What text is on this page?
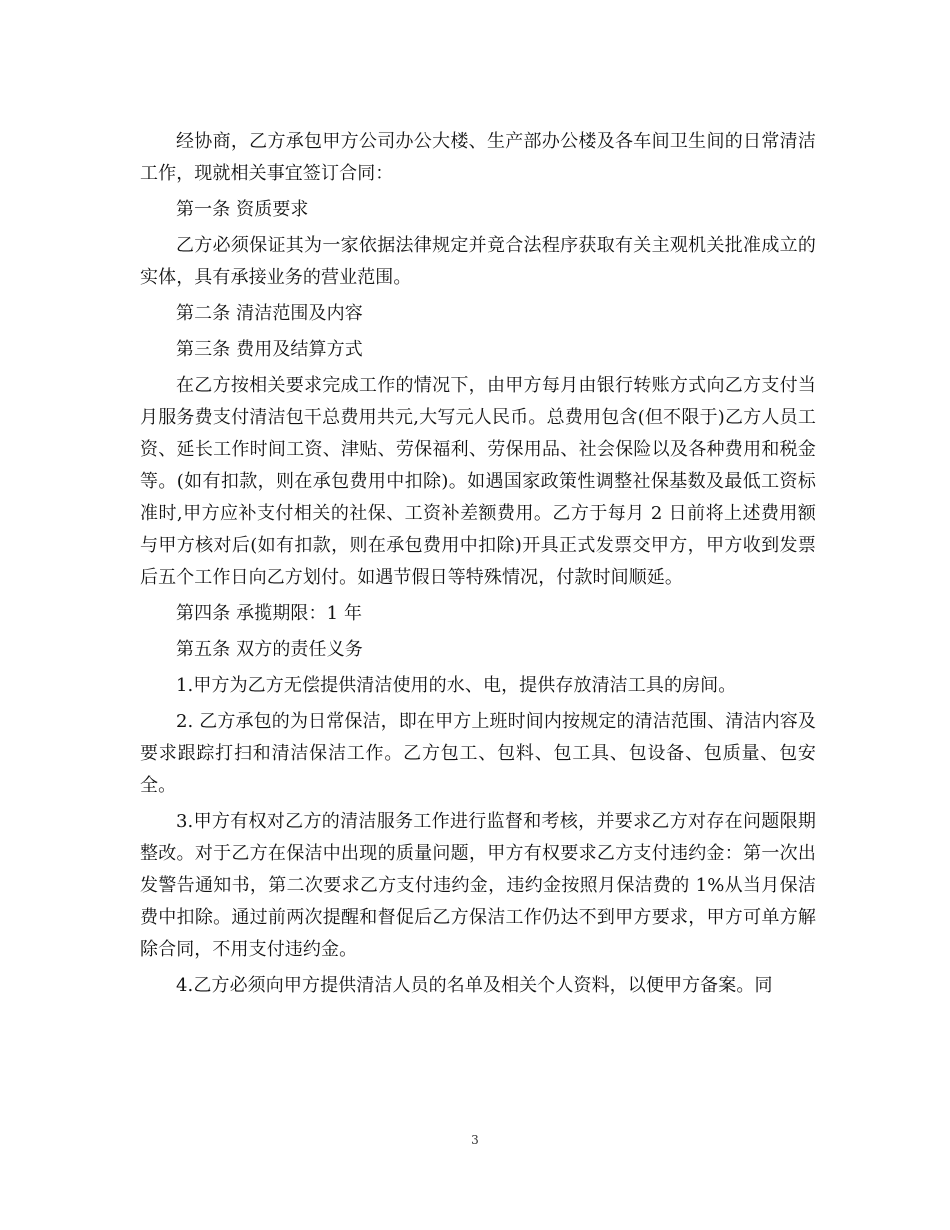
经协商，乙方承包甲方公司办公大楼、生产部办公楼及各车间卫生间的日常清洁工作，现就相关事宜签订合同：

第一条 资质要求

乙方必须保证其为一家依据法律规定并竟合法程序获取有关主观机关批准成立的实体，具有承接业务的营业范围。

第二条 清洁范围及内容

第三条 费用及结算方式

在乙方按相关要求完成工作的情况下，由甲方每月由银行转账方式向乙方支付当月服务费支付清洁包干总费用共元,大写元人民币。总费用包含(但不限于)乙方人员工资、延长工作时间工资、津贴、劳保福利、劳保用品、社会保险以及各种费用和税金等。(如有扣款，则在承包费用中扣除)。如遇国家政策性调整社保基数及最低工资标准时,甲方应补支付相关的社保、工资补差额费用。乙方于每月 2 日前将上述费用额与甲方核对后(如有扣款，则在承包费用中扣除)开具正式发票交甲方，甲方收到发票后五个工作日向乙方划付。如遇节假日等特殊情况，付款时间顺延。

第四条 承揽期限：1 年

第五条 双方的责任义务

1.甲方为乙方无偿提供清洁使用的水、电，提供存放清洁工具的房间。

2. 乙方承包的为日常保洁，即在甲方上班时间内按规定的清洁范围、清洁内容及要求跟踪打扫和清洁保洁工作。乙方包工、包料、包工具、包设备、包质量、包安全。

3.甲方有权对乙方的清洁服务工作进行监督和考核，并要求乙方对存在问题限期整改。对于乙方在保洁中出现的质量问题，甲方有权要求乙方支付违约金：第一次出发警告通知书，第二次要求乙方支付违约金，违约金按照月保洁费的 1%从当月保洁费中扣除。通过前两次提醒和督促后乙方保洁工作仍达不到甲方要求，甲方可单方解除合同，不用支付违约金。

4.乙方必须向甲方提供清洁人员的名单及相关个人资料，以便甲方备案。同

3
